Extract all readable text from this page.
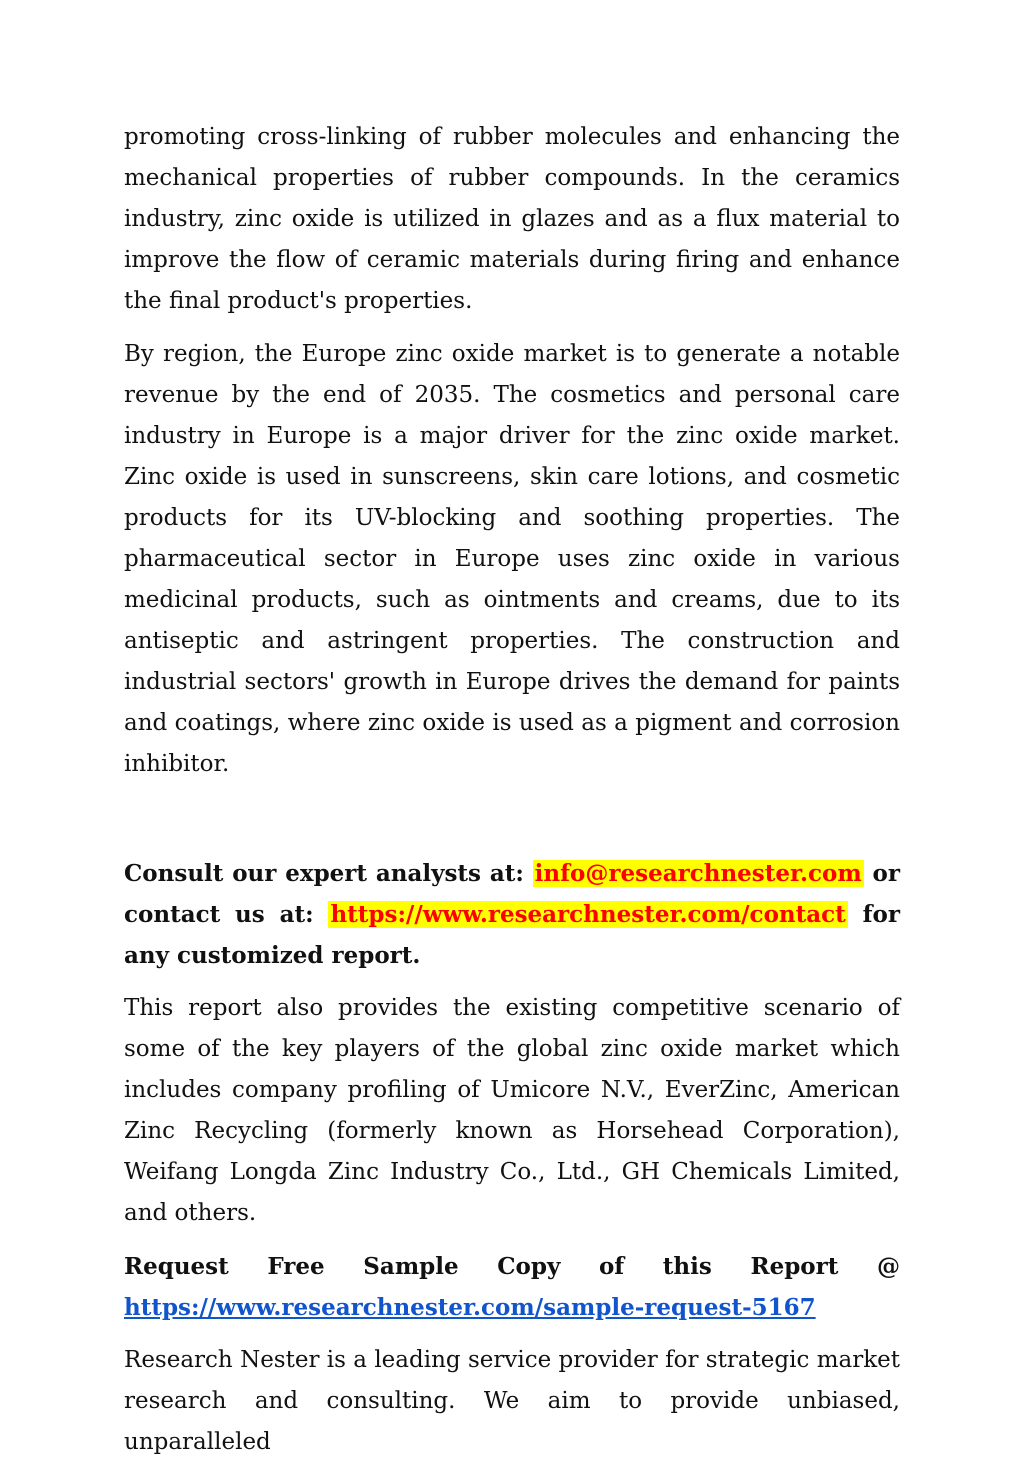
promoting cross-linking of rubber molecules and enhancing the mechanical properties of rubber compounds. In the ceramics industry, zinc oxide is utilized in glazes and as a flux material to improve the flow of ceramic materials during firing and enhance the final product's properties.

By region, the Europe zinc oxide market is to generate a notable revenue by the end of 2035. The cosmetics and personal care industry in Europe is a major driver for the zinc oxide market. Zinc oxide is used in sunscreens, skin care lotions, and cosmetic products for its UV-blocking and soothing properties. The pharmaceutical sector in Europe uses zinc oxide in various medicinal products, such as ointments and creams, due to its antiseptic and astringent properties. The construction and industrial sectors' growth in Europe drives the demand for paints and coatings, where zinc oxide is used as a pigment and corrosion inhibitor.

Consult our expert analysts at: info@researchnester.com or contact us at: https://www.researchnester.com/contact for any customized report.

This report also provides the existing competitive scenario of some of the key players of the global zinc oxide market which includes company profiling of Umicore N.V., EverZinc, American Zinc Recycling (formerly known as Horsehead Corporation), Weifang Longda Zinc Industry Co., Ltd., GH Chemicals Limited, and others.

Request Free Sample Copy of this Report @
https://www.researchnester.com/sample-request-5167

Research Nester is a leading service provider for strategic market research and consulting. We aim to provide unbiased, unparalleled
